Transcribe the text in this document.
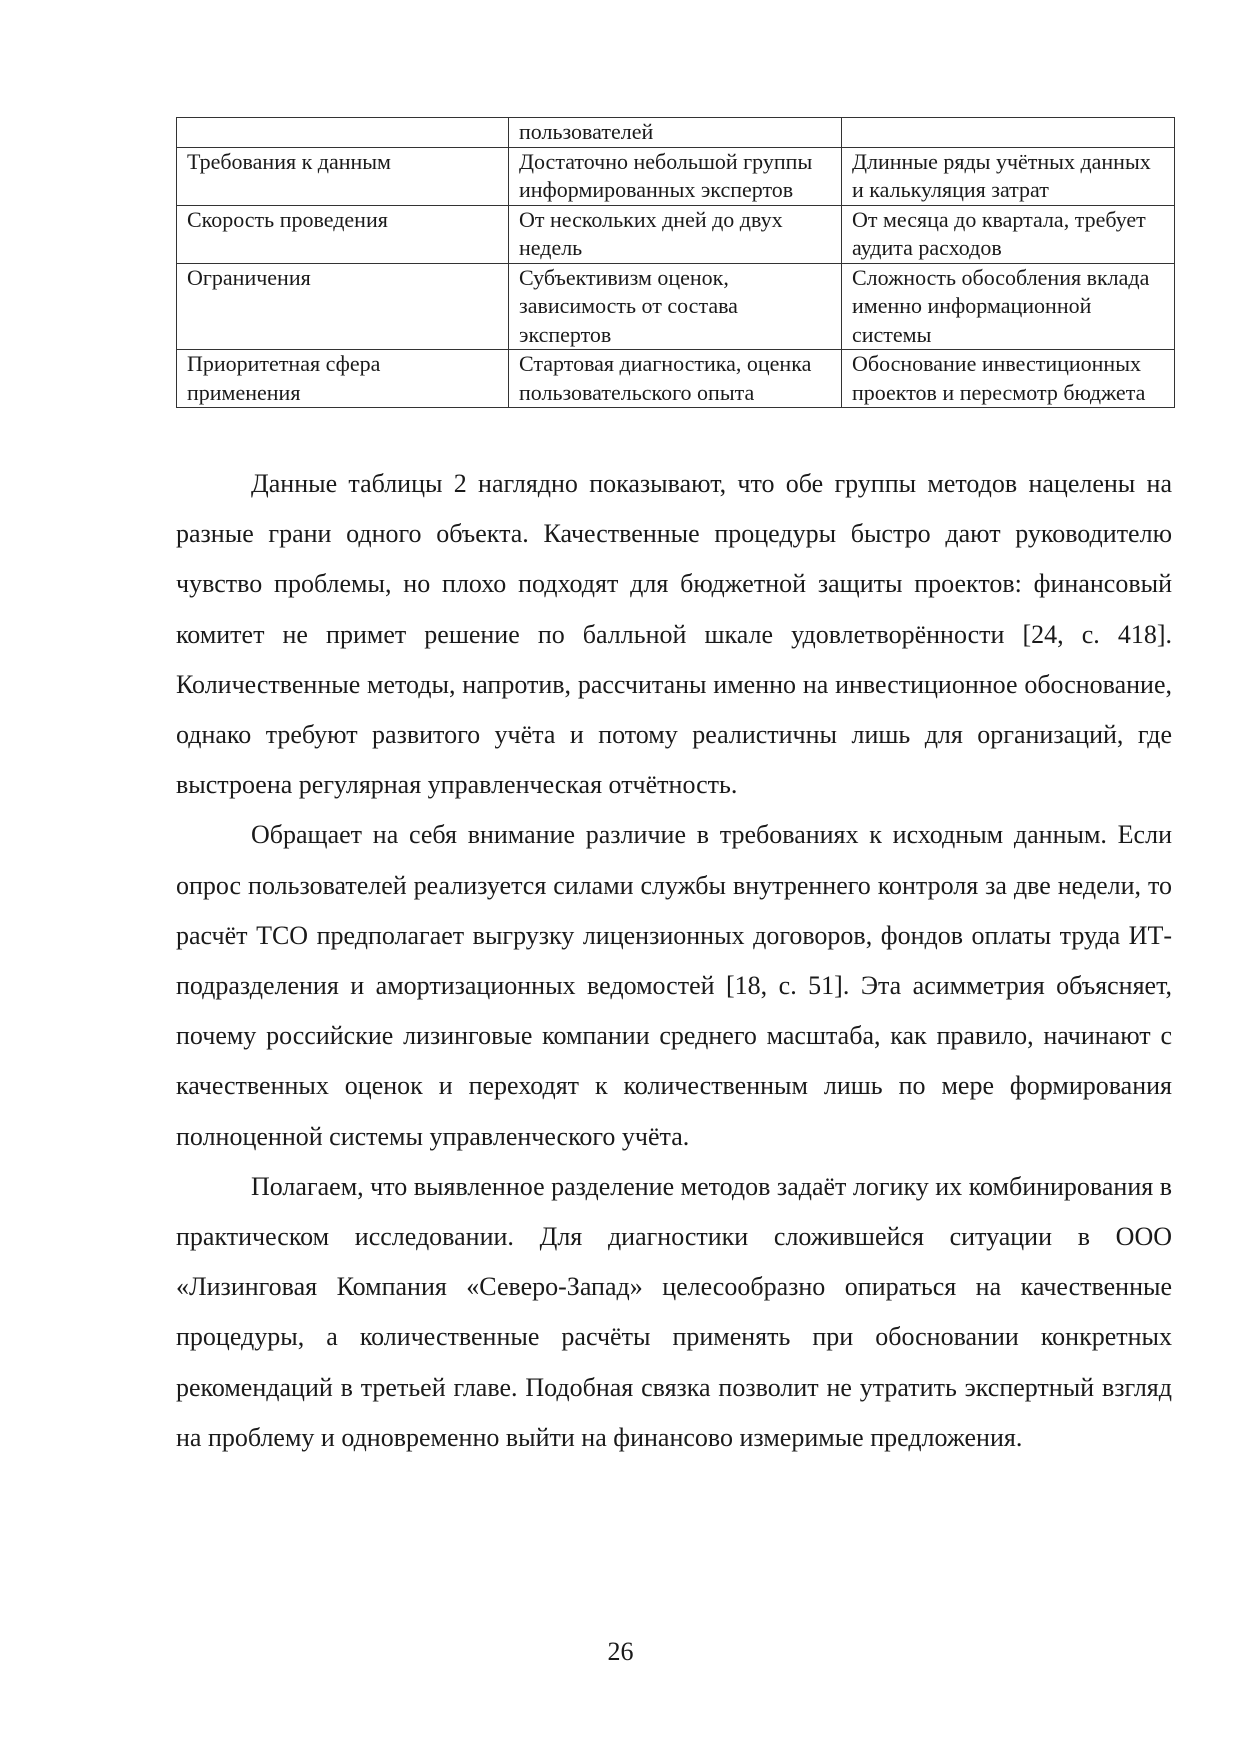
	пользователей	
Требования к данным	Достаточно небольшой группы информированных экспертов	Длинные ряды учётных данных и калькуляция затрат
Скорость проведения	От нескольких дней до двух недель	От месяца до квартала, требует аудита расходов
Ограничения	Субъективизм оценок, зависимость от состава экспертов	Сложность обособления вклада именно информационной системы
Приоритетная сфера применения	Стартовая диагностика, оценка пользовательского опыта	Обоснование инвестиционных проектов и пересмотр бюджета

Данные таблицы 2 наглядно показывают, что обе группы методов нацелены на разные грани одного объекта. Качественные процедуры быстро дают руководителю чувство проблемы, но плохо подходят для бюджетной защиты проектов: финансовый комитет не примет решение по балльной шкале удовлетворённости [24, с. 418]. Количественные методы, напротив, рассчитаны именно на инвестиционное обоснование, однако требуют развитого учёта и потому реалистичны лишь для организаций, где выстроена регулярная управленческая отчётность.

Обращает на себя внимание различие в требованиях к исходным данным. Если опрос пользователей реализуется силами службы внутреннего контроля за две недели, то расчёт TCO предполагает выгрузку лицензионных договоров, фондов оплаты труда ИТ-подразделения и амортизационных ведомостей [18, с. 51]. Эта асимметрия объясняет, почему российские лизинговые компании среднего масштаба, как правило, начинают с качественных оценок и переходят к количественным лишь по мере формирования полноценной системы управленческого учёта.

Полагаем, что выявленное разделение методов задаёт логику их комбинирования в практическом исследовании. Для диагностики сложившейся ситуации в ООО «Лизинговая Компания «Северо-Запад» целесообразно опираться на качественные процедуры, а количественные расчёты применять при обосновании конкретных рекомендаций в третьей главе. Подобная связка позволит не утратить экспертный взгляд на проблему и одновременно выйти на финансово измеримые предложения.

26
